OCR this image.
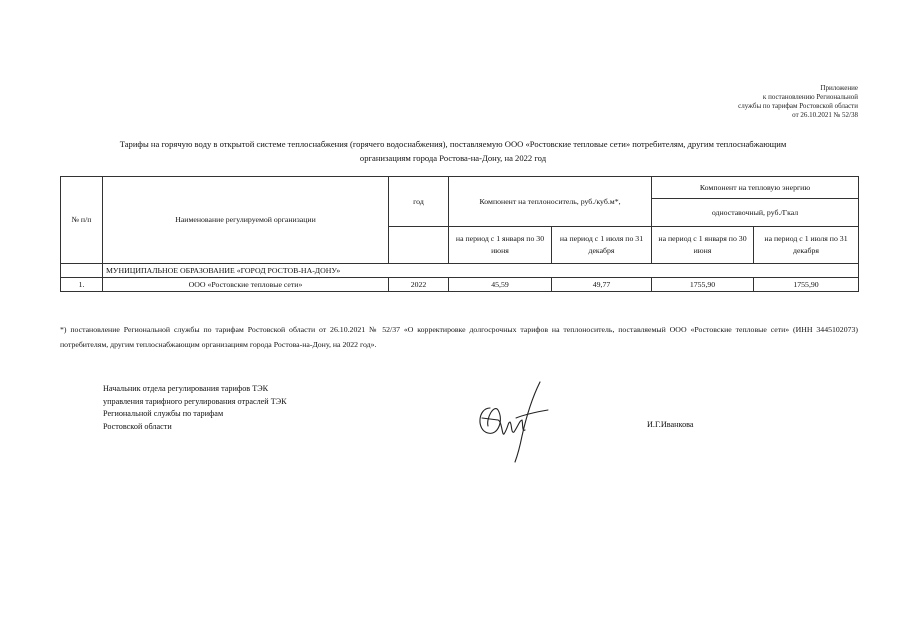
Приложение
к постановлению Региональной
службы по тарифам Ростовской области
от 26.10.2021 № 52/38
Тарифы на горячую воду в открытой системе теплоснабжения (горячего водоснабжения), поставляемую ООО «Ростовские тепловые сети» потребителям, другим теплоснабжающим
организациям города Ростова-на-Дону, на 2022 год
№ п/п	Наименование регулируемой организации	год	Компонент на теплоноситель, руб./куб.м*,		Компонент на тепловую энергию	
					одноставочный, руб./Гкал	
			на период с 1 января по 30 июня	на период с 1 июля по 31 декабря	на период с 1 января по 30 июня	на период с 1 июля по 31 декабря
	МУНИЦИПАЛЬНОЕ ОБРАЗОВАНИЕ «ГОРОД РОСТОВ-НА-ДОНУ»					
1.	ООО «Ростовские тепловые сети»	2022	45,59	49,77	1755,90	1755,90
*) постановление Региональной службы по тарифам Ростовской области от 26.10.2021 № 52/37 «О корректировке долгосрочных тарифов на теплоноситель, поставляемый ООО «Ростовские тепловые сети» (ИНН 3445102073) потребителям, другим теплоснабжающим организациям города Ростова-на-Дону, на 2022 год».
Начальник отдела регулирования тарифов ТЭК
управления тарифного регулирования отраслей ТЭК
Региональной службы по тарифам
Ростовской области	И.Г.Иванкова
